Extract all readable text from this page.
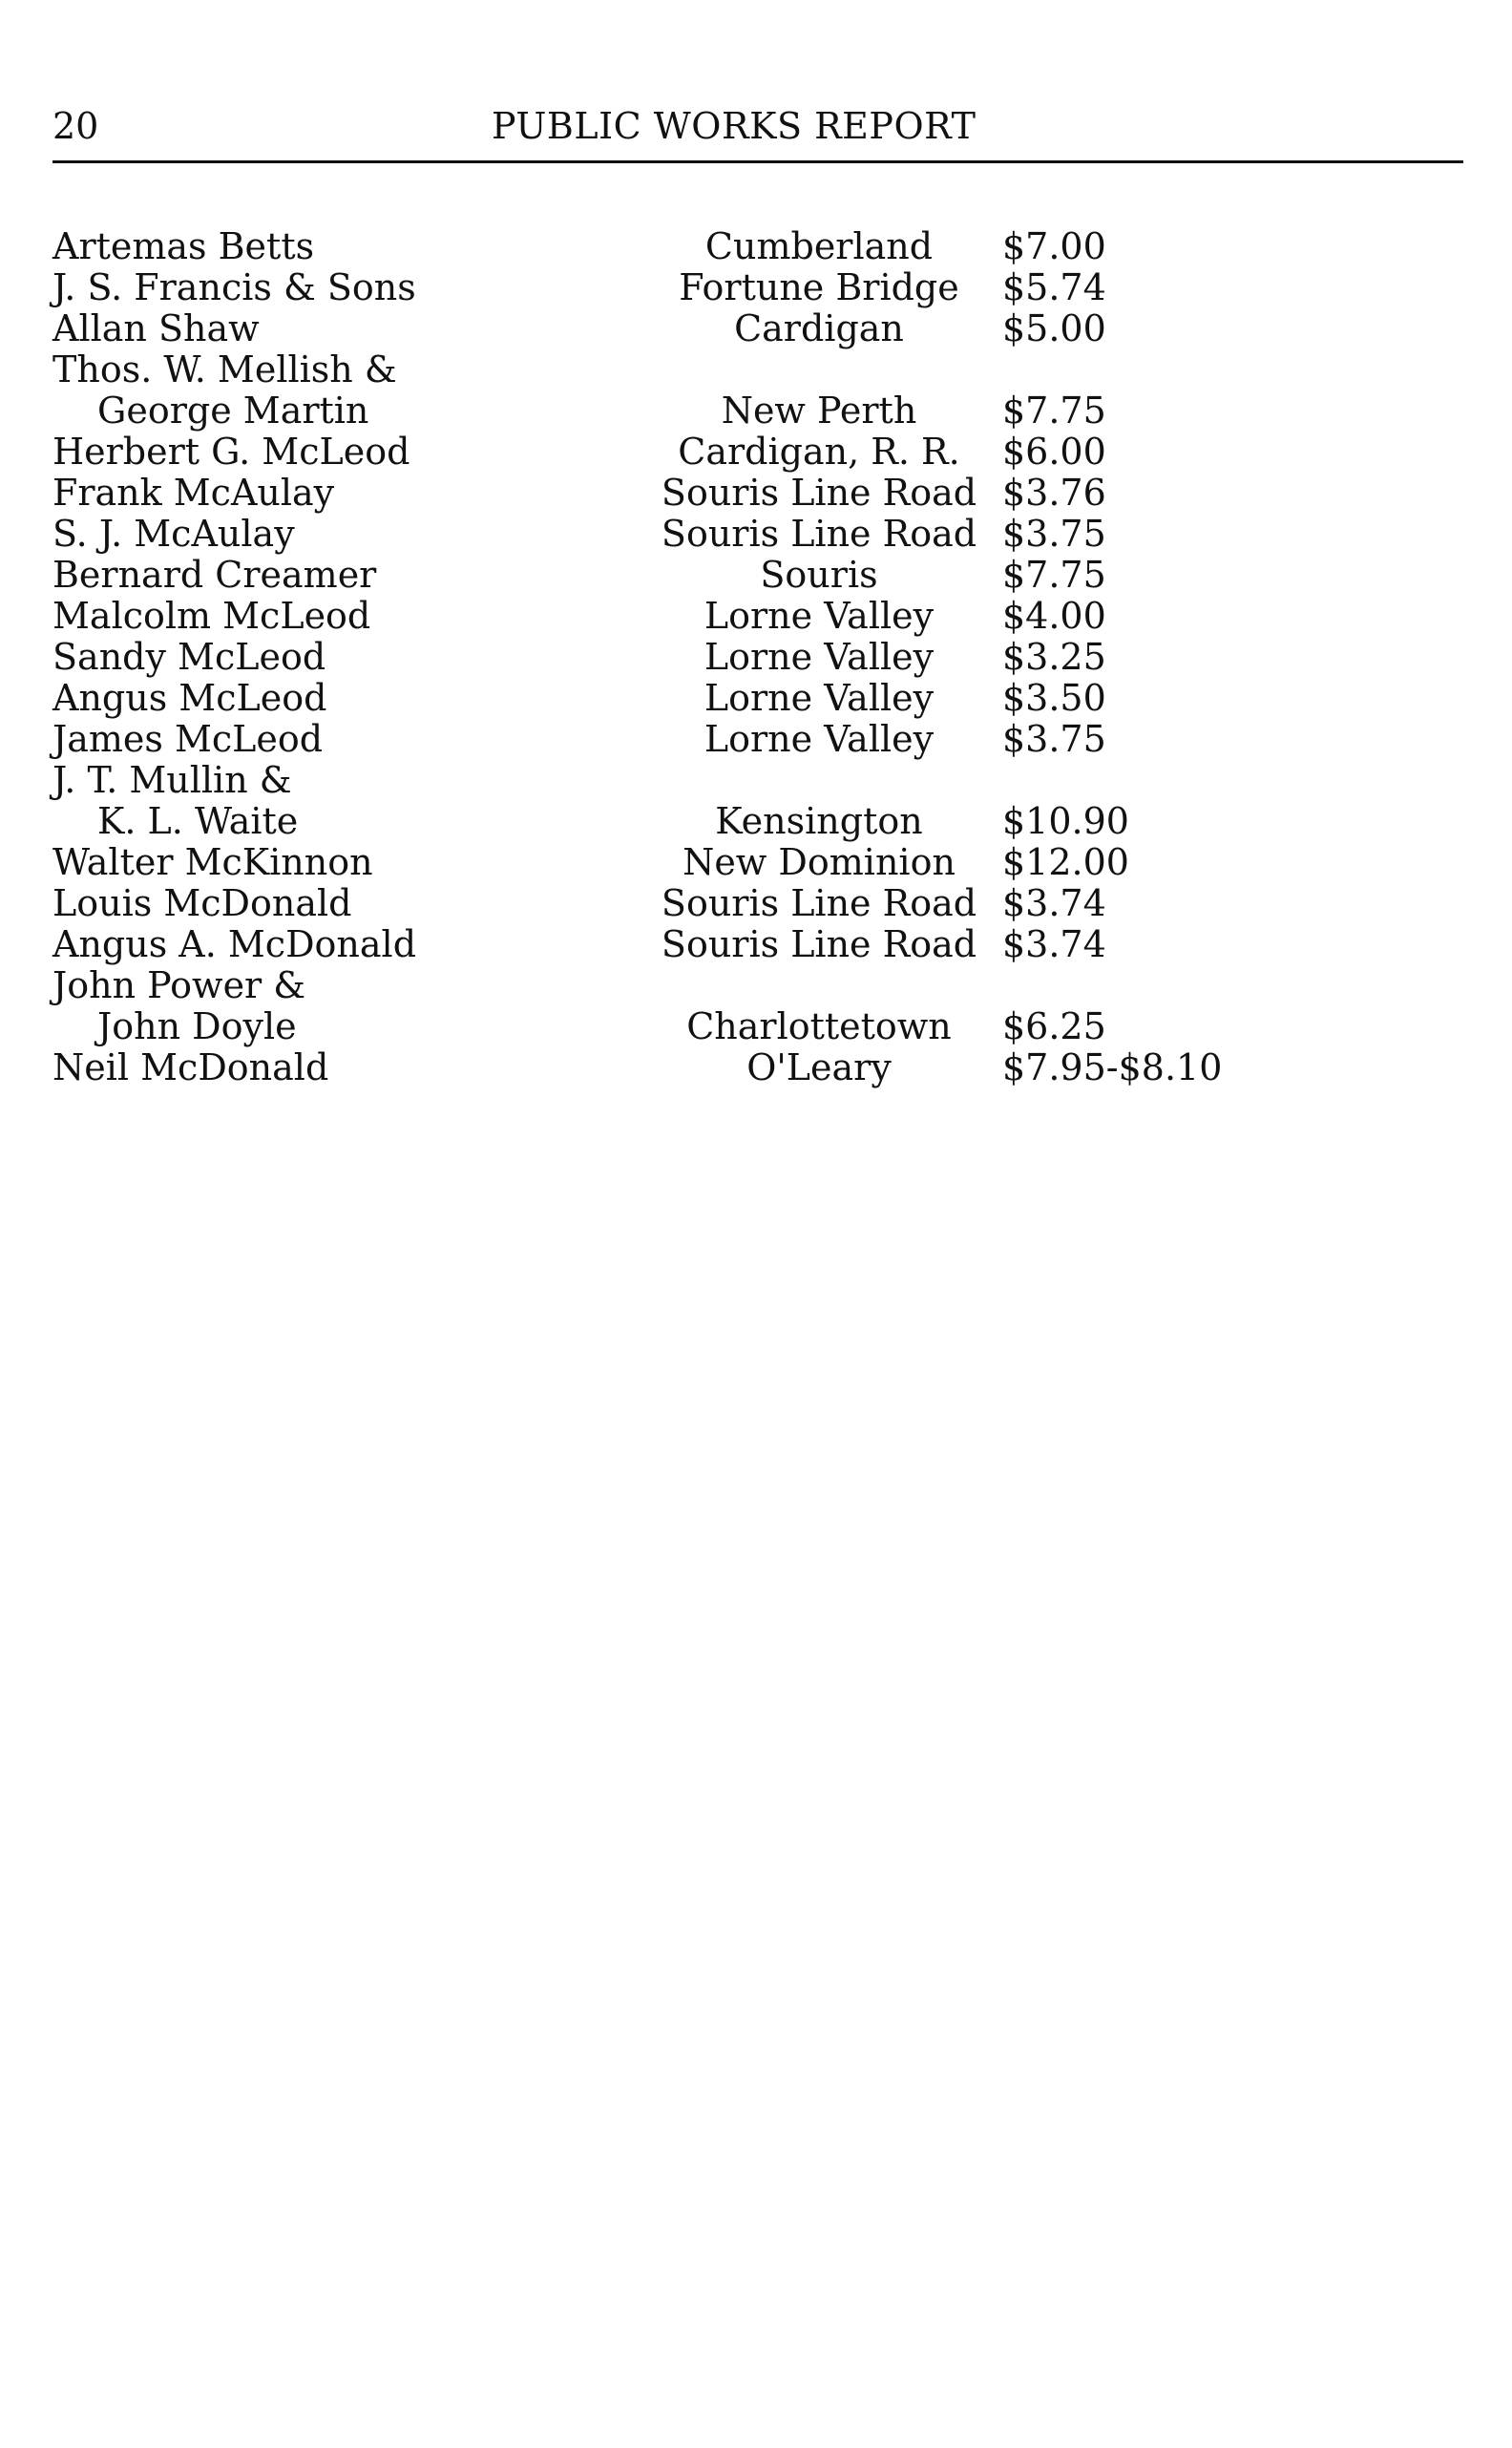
20	PUBLIC WORKS REPORT
Artemas Betts	Cumberland	$7.00
J. S. Francis & Sons	Fortune Bridge	$5.74
Allan Shaw	Cardigan	$5.00
Thos. W. Mellish &
George Martin	New Perth	$7.75
Herbert G. McLeod	Cardigan, R. R.	$6.00
Frank McAulay	Souris Line Road $3.76
S. J. McAulay	Souris Line Road $3.75
Bernard Creamer	Souris	$7.75
Malcolm McLeod	Lorne Valley	$4.00
Sandy McLeod	Lorne Valley	$3.25
Angus McLeod	Lorne Valley	$3.50
James McLeod	Lorne Valley	$3.75
J. T. Mullin &
K. L. Waite	Kensington	$10.90
Walter McKinnon	New Dominion	$12.00
Louis McDonald	Souris Line Road $3.74
Angus A. McDonald	Souris Line Road $3.74
John Power &
John Doyle	Charlottetown	$6.25
Neil McDonald	O'Leary	$7.95-$8.10
